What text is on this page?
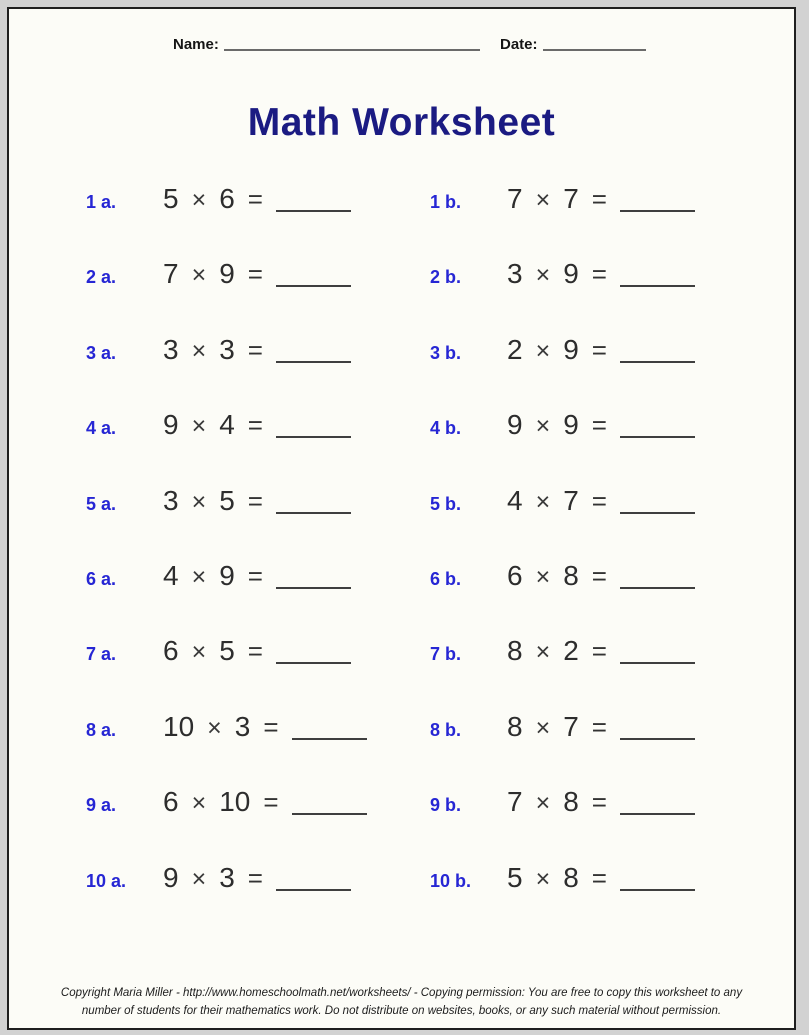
Name:	Date:
Math Worksheet
1 a.	5 × 6 =	1 b.	7 × 7 =
2 a.	7 × 9 =	2 b.	3 × 9 =
3 a.	3 × 3 =	3 b.	2 × 9 =
4 a.	9 × 4 =	4 b.	9 × 9 =
5 a.	3 × 5 =	5 b.	4 × 7 =
6 a.	4 × 9 =	6 b.	6 × 8 =
7 a.	6 × 5 =	7 b.	8 × 2 =
8 a.	10 × 3 =	8 b.	8 × 7 =
9 a.	6 × 10 =	9 b.	7 × 8 =
10 a.	9 × 3 =	10 b.	5 × 8 =
Copyright Maria Miller - http://www.homeschoolmath.net/worksheets/ - Copying permission: You are free to copy this worksheet to any
number of students for their mathematics work. Do not distribute on websites, books, or any such material without permission.
